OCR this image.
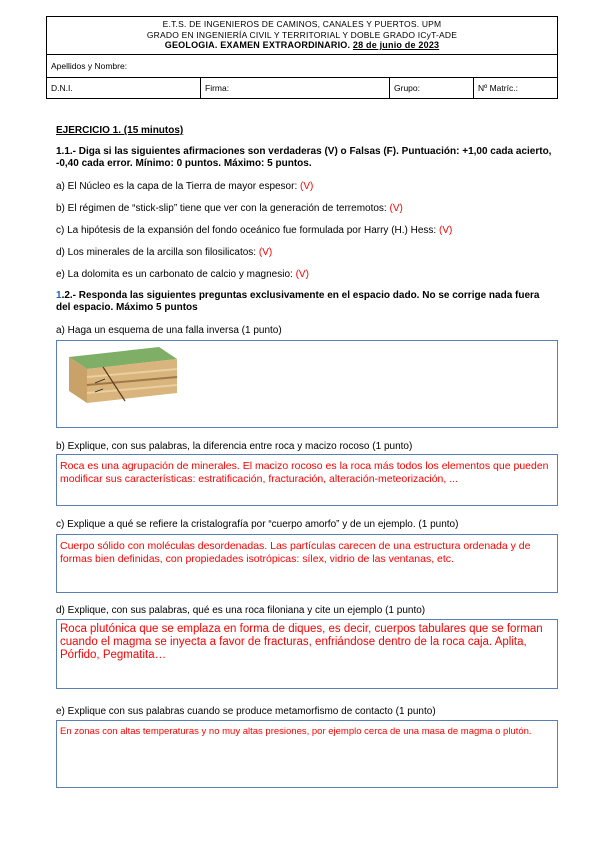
E.T.S. DE INGENIEROS DE CAMINOS, CANALES Y PUERTOS. UPM
GRADO EN INGENIERÍA CIVIL Y TERRITORIAL Y DOBLE GRADO ICyT-ADE
GEOLOGIA. EXAMEN EXTRAORDINARIO. 28 de junio de 2023

Apellidos y Nombre:
D.N.I.	Firma:	Grupo:	Nº Matríc.:
EJERCICIO 1. (15 minutos)
1.1.- Diga si las siguientes afirmaciones son verdaderas (V) o Falsas (F). Puntuación: +1,00 cada acierto, -0,40 cada error. Mínimo: 0 puntos. Máximo: 5 puntos.
a) El Núcleo es la capa de la Tierra de mayor espesor: (V)
b) El régimen de “stick-slip” tiene que ver con la generación de terremotos: (V)
c) La hipótesis de la expansión del fondo oceánico fue formulada por Harry (H.) Hess: (V)
d) Los minerales de la arcilla son filosilicatos: (V)
e) La dolomita es un carbonato de calcio y magnesio: (V)
1.2.- Responda las siguientes preguntas exclusivamente en el espacio dado. No se corrige nada fuera del espacio. Máximo 5 puntos
a) Haga un esquema de una falla inversa (1 punto)
b) Explique, con sus palabras, la diferencia entre roca y macizo rocoso (1 punto)
Roca es una agrupación de minerales. El macizo rocoso es la roca más todos los elementos que pueden modificar sus características: estratificación, fracturación, alteración-meteorización, ...
c) Explique a qué se refiere la cristalografía por “cuerpo amorfo” y de un ejemplo. (1 punto)
Cuerpo sólido con moléculas desordenadas. Las partículas carecen de una estructura ordenada y de formas bien definidas, con propiedades isotrópicas: sílex, vidrio de las ventanas, etc.
d) Explique, con sus palabras, qué es una roca filoniana y cite un ejemplo (1 punto)
Roca plutónica que se emplaza en forma de diques, es decir, cuerpos tabulares que se forman cuando el magma se inyecta a favor de fracturas, enfriándose dentro de la roca caja. Aplita, Pórfido, Pegmatita…
e) Explique con sus palabras cuando se produce metamorfismo de contacto (1 punto)
En zonas con altas temperaturas y no muy altas presiones, por ejemplo cerca de una masa de magma o plutón.
